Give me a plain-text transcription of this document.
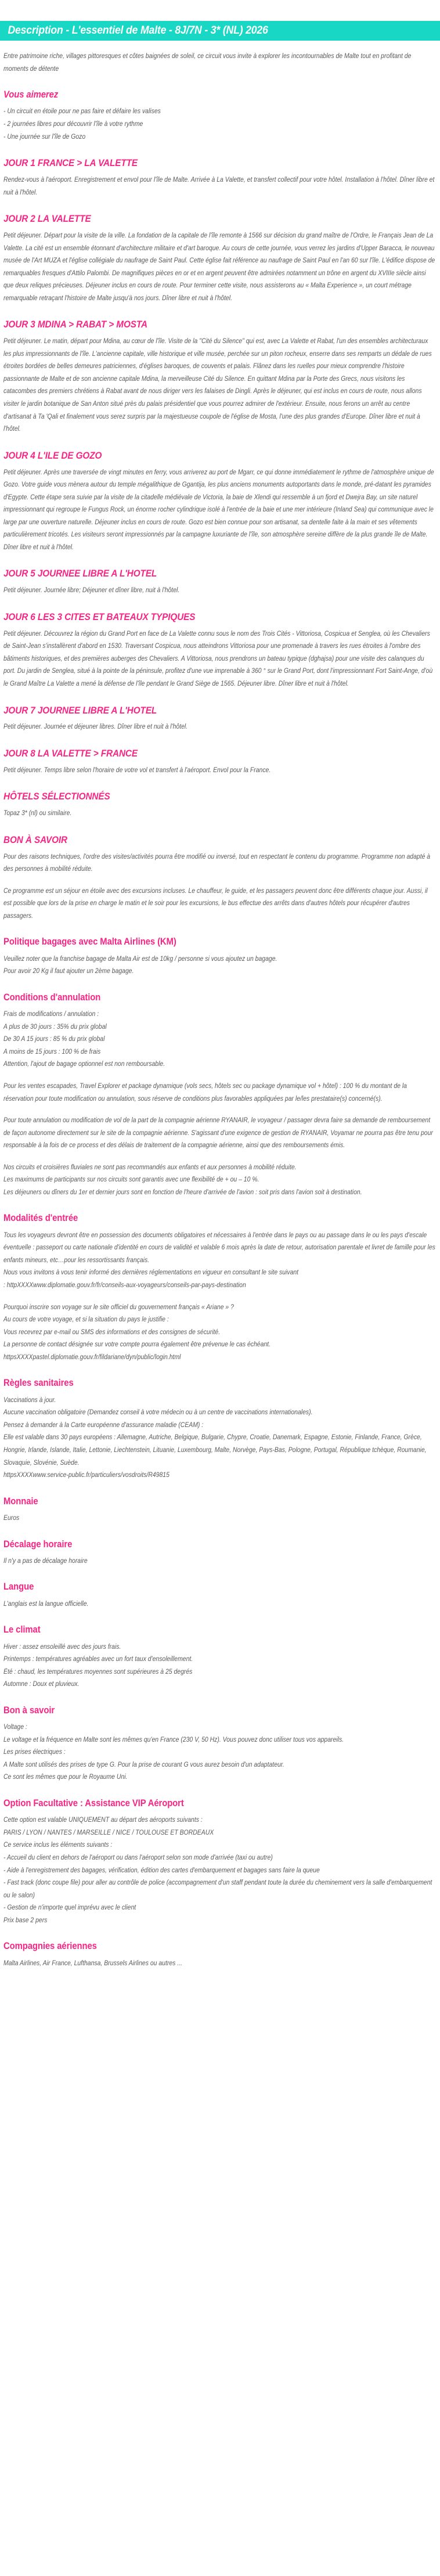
Description - L'essentiel de Malte - 8J/7N - 3* (NL) 2026

Entre patrimoine riche, villages pittoresques et côtes baignées de soleil, ce circuit vous invite à explorer les incontournables de Malte tout en profitant de moments de détente

Vous aimerez

- Un circuit en étoile pour ne pas faire et défaire les valises

- 2 journées libres pour découvrir l'île à votre rythme

- Une journée sur l'île de Gozo

JOUR 1 FRANCE > LA VALETTE

Rendez-vous à l'aéroport. Enregistrement et envol pour l'île de Malte. Arrivée à La Valette, et transfert collectif pour votre hôtel. Installation à l'hôtel. Dîner libre et nuit à l'hôtel.

JOUR 2 LA VALETTE

Petit déjeuner. Départ pour la visite de la ville. La fondation de la capitale de l'île remonte à 1566 sur décision du grand maître de l'Ordre, le Français Jean de La Valette. La cité est un ensemble étonnant d'architecture militaire et d'art baroque. Au cours de cette journée, vous verrez les jardins d'Upper Baracca, le nouveau musée de l'Art MUZA et l'église collégiale du naufrage de Saint Paul. Cette église fait référence au naufrage de Saint Paul en l'an 60 sur l'île. L'édifice dispose de remarquables fresques d'Attilo Palombi. De magnifiques pièces en or et en argent peuvent être admirées notamment un trône en argent du XVIIIe siècle ainsi que deux reliques précieuses. Déjeuner inclus en cours de route. Pour terminer cette visite, nous assisterons au « Malta Experience », un court métrage remarquable retraçant l'histoire de Malte jusqu'à nos jours. Dîner libre et nuit à l'hôtel.

JOUR 3 MDINA > RABAT > MOSTA

Petit déjeuner. Le matin, départ pour Mdina, au cœur de l'île. Visite de la "Cité du Silence" qui est, avec La Valette et Rabat, l'un des ensembles architecturaux les plus impressionnants de l'île. L'ancienne capitale, ville historique et ville musée, perchée sur un piton rocheux, enserre dans ses remparts un dédale de rues étroites bordées de belles demeures patriciennes, d'églises baroques, de couvents et palais. Flânez dans les ruelles pour mieux comprendre l'histoire passionnante de Malte et de son ancienne capitale Mdina, la merveilleuse Cité du Silence. En quittant Mdina par la Porte des Grecs, nous visitons les catacombes des premiers chrétiens à Rabat avant de nous diriger vers les falaises de Dingli. Après le déjeuner, qui est inclus en cours de route, nous allons visiter le jardin botanique de San Anton situé près du palais présidentiel que vous pourrez admirer de l'extérieur. Ensuite, nous ferons un arrêt au centre d'artisanat à Ta 'Qali et finalement vous serez surpris par la majestueuse coupole de l'église de Mosta, l'une des plus grandes d'Europe. Dîner libre et nuit à l'hôtel.

JOUR 4 L'ILE DE GOZO

Petit déjeuner. Après une traversée de vingt minutes en ferry, vous arriverez au port de Mgarr, ce qui donne immédiatement le rythme de l'atmosphère unique de Gozo. Votre guide vous mènera autour du temple mégalithique de Ggantija, les plus anciens monuments autoportants dans le monde, pré-datant les pyramides d'Egypte. Cette étape sera suivie par la visite de la citadelle médiévale de Victoria, la baie de Xlendi qui ressemble à un fjord et Dwejra Bay, un site naturel impressionnant qui regroupe le Fungus Rock, un énorme rocher cylindrique isolé à l'entrée de la baie et une mer intérieure (Inland Sea) qui communique avec le large par une ouverture naturelle. Déjeuner inclus en cours de route. Gozo est bien connue pour son artisanat, sa dentelle faite à la main et ses vêtements particulièrement tricotés. Les visiteurs seront impressionnés par la campagne luxuriante de l'île, son atmosphère sereine diffère de la plus grande île de Malte. Dîner libre et nuit à l'hôtel.

JOUR 5 JOURNEE LIBRE A L'HOTEL

Petit déjeuner. Journée libre; Déjeuner et dîner libre, nuit à l'hôtel.

JOUR 6 LES 3 CITES ET BATEAUX TYPIQUES

Petit déjeuner. Découvrez la région du Grand Port en face de La Valette connu sous le nom des Trois Cités - Vittoriosa, Cospicua et Senglea, où les Chevaliers de Saint-Jean s'installèrent d'abord en 1530. Traversant Cospicua, nous atteindrons Vittoriosa pour une promenade à travers les rues étroites à l'ombre des bâtiments historiques, et des premières auberges des Chevaliers. A Vittoriosa, nous prendrons un bateau typique (dghajsa) pour une visite des calanques du port. Du jardin de Senglea, situé à la pointe de la péninsule, profitez d'une vue imprenable à 360 ° sur le Grand Port, dont l'impressionnant Fort Saint-Ange, d'où le Grand Maître La Valette a mené la défense de l'île pendant le Grand Siège de 1565. Déjeuner libre. Dîner libre et nuit à l'hôtel.

JOUR 7 JOURNEE LIBRE A L'HOTEL

Petit déjeuner. Journée et déjeuner libres. Dîner libre et nuit à l'hôtel.

JOUR 8 LA VALETTE > FRANCE

Petit déjeuner. Temps libre selon l'horaire de votre vol et transfert à l'aéroport. Envol pour la France.

HÔTELS SÉLECTIONNÉS

Topaz 3* (nl) ou similaire.

BON À SAVOIR

Pour des raisons techniques, l'ordre des visites/activités pourra être modifié ou inversé, tout en respectant le contenu du programme. Programme non adapté à des personnes à mobilité réduite.

Ce programme est un séjour en étoile avec des excursions incluses. Le chauffeur, le guide, et les passagers peuvent donc être différents chaque jour. Aussi, il est possible que lors de la prise en charge le matin et le soir pour les excursions, le bus effectue des arrêts dans d'autres hôtels pour récupérer d'autres passagers.

Politique bagages avec Malta Airlines (KM)

Veuillez noter que la franchise bagage de Malta Air est de 10kg / personne si vous ajoutez un bagage.

Pour avoir 20 Kg il faut ajouter un 2ème bagage.

Conditions d'annulation

Frais de modifications / annulation :

A plus de 30 jours : 35% du prix global

De 30 A 15 jours : 85 % du prix global

A moins de 15 jours : 100 % de frais

Attention, l'ajout de bagage optionnel est non remboursable.

Pour les ventes escapades, Travel Explorer et package dynamique (vols secs, hôtels sec ou package dynamique vol + hôtel) : 100 % du montant de la réservation pour toute modification ou annulation, sous réserve de conditions plus favorables appliquées par le/les prestataire(s) concerné(s).

Pour toute annulation ou modification de vol de la part de la compagnie aérienne RYANAIR, le voyageur / passager devra faire sa demande de remboursement de façon autonome directement sur le site de la compagnie aérienne. S'agissant d'une exigence de gestion de RYANAIR, Voyamar ne pourra pas être tenu pour responsable à la fois de ce process et des délais de traitement de la compagnie aérienne, ainsi que des remboursements émis.

Nos circuits et croisières fluviales ne sont pas recommandés aux enfants et aux personnes à mobilité réduite.

Les maximums de participants sur nos circuits sont garantis avec une flexibilité de + ou – 10 %.

Les déjeuners ou dîners du 1er et dernier jours sont en fonction de l'heure d'arrivée de l'avion : soit pris dans l'avion soit à destination.

Modalités d'entrée

Tous les voyageurs devront être en possession des documents obligatoires et nécessaires à l'entrée dans le pays ou au passage dans le ou les pays d'escale éventuelle : passeport ou carte nationale d'identité en cours de validité et valable 6 mois après la date de retour, autorisation parentale et livret de famille pour les enfants mineurs, etc…pour les ressortissants français.

Nous vous invitons à vous tenir informé des dernières réglementations en vigueur en consultant le site suivant

: httpXXXXwww.diplomatie.gouv.fr/fr/conseils-aux-voyageurs/conseils-par-pays-destination

Pourquoi inscrire son voyage sur le site officiel du gouvernement français « Ariane » ?

Au cours de votre voyage, et si la situation du pays le justifie :

Vous recevrez par e-mail ou SMS des informations et des consignes de sécurité.

La personne de contact désignée sur votre compte pourra également être prévenue le cas échéant.

httpsXXXXpastel.diplomatie.gouv.fr/fildariane/dyn/public/login.html

Règles sanitaires

Vaccinations à jour.

Aucune vaccination obligatoire (Demandez conseil à votre médecin ou à un centre de vaccinations internationales).

Pensez à demander à la Carte européenne d'assurance maladie (CEAM) :

Elle est valable dans 30 pays européens : Allemagne, Autriche, Belgique, Bulgarie, Chypre, Croatie, Danemark, Espagne, Estonie, Finlande, France, Grèce, Hongrie, Irlande, Islande, Italie, Lettonie, Liechtenstein, Lituanie, Luxembourg, Malte, Norvège, Pays-Bas, Pologne, Portugal, République tchèque, Roumanie, Slovaquie, Slovénie, Suède.

httpsXXXXwww.service-public.fr/particuliers/vosdroits/R49815

Monnaie

Euros

Décalage horaire

Il n'y a pas de décalage horaire

Langue

L'anglais est la langue officielle.

Le climat

Hiver : assez ensoleillé avec des jours frais.

Printemps : températures agréables avec un fort taux d'ensoleillement.

Été : chaud, les températures moyennes sont supérieures à 25 degrés

Automne : Doux et pluvieux.

Bon à savoir

Voltage :

Le voltage et la fréquence en Malte sont les mêmes qu'en France (230 V, 50 Hz). Vous pouvez donc utiliser tous vos appareils.

Les prises électriques :

A Malte sont utilisés des prises de type G. Pour la prise de courant G vous aurez besoin d'un adaptateur.

Ce sont les mêmes que pour le Royaume Uni.

Option Facultative : Assistance VIP Aéroport

Cette option est valable UNIQUEMENT au départ des aéroports suivants :

PARIS / LYON / NANTES / MARSEILLE / NICE / TOULOUSE ET BORDEAUX

Ce service inclus les éléments suivants :

- Accueil du client en dehors de l'aéroport ou dans l'aéroport selon son mode d'arrivée (taxi ou autre)

- Aide à l'enregistrement des bagages, vérification, édition des cartes d'embarquement et bagages sans faire la queue

- Fast track (donc coupe file) pour aller au contrôle de police (accompagnement d'un staff pendant toute la durée du cheminement vers la salle d'embarquement ou le salon)

- Gestion de n'importe quel imprévu avec le client

Prix base 2 pers

Compagnies aériennes

Malta Airlines, Air France, Lufthansa, Brussels Airlines ou autres ...
